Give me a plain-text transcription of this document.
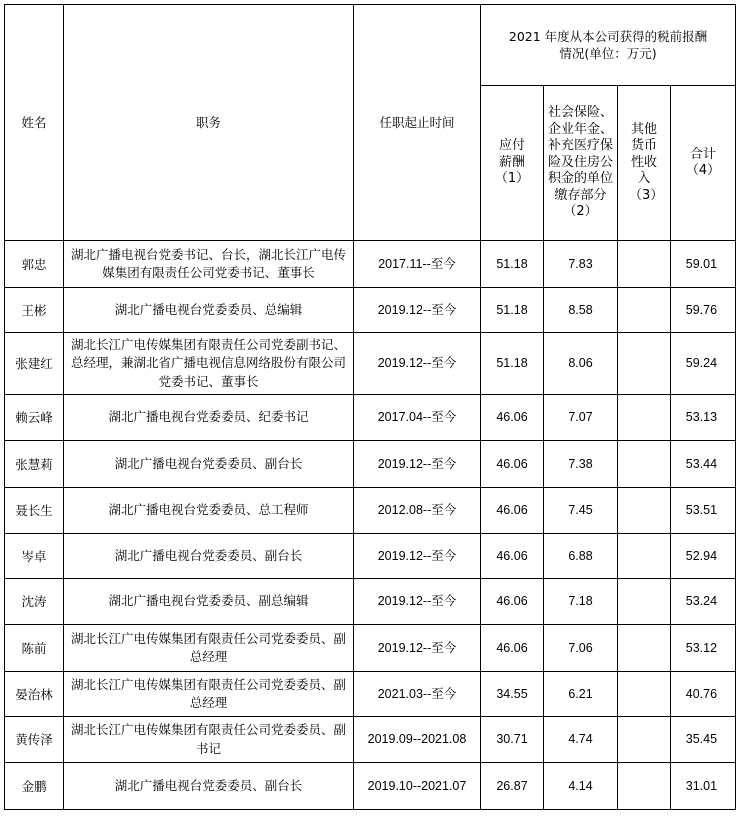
姓名	职务	任职起止时间	2021 年度从本公司获得的税前报酬情况(单位：万元)			
			应付薪酬（1）	社会保险、企业年金、补充医疗保险及住房公积金的单位缴存部分（2）	其他货币性收入（3）	合计（4）
郭忠	湖北广播电视台党委书记、台长，湖北长江广电传媒集团有限责任公司党委书记、董事长	2017.11--至今	51.18	7.83		59.01
王彬	湖北广播电视台党委委员、总编辑	2019.12--至今	51.18	8.58		59.76
张建红	湖北长江广电传媒集团有限责任公司党委副书记、总经理，兼湖北省广播电视信息网络股份有限公司党委书记、董事长	2019.12--至今	51.18	8.06		59.24
赖云峰	湖北广播电视台党委委员、纪委书记	2017.04--至今	46.06	7.07		53.13
张慧莉	湖北广播电视台党委委员、副台长	2019.12--至今	46.06	7.38		53.44
聂长生	湖北广播电视台党委委员、总工程师	2012.08--至今	46.06	7.45		53.51
岑卓	湖北广播电视台党委委员、副台长	2019.12--至今	46.06	6.88		52.94
沈涛	湖北广播电视台党委委员、副总编辑	2019.12--至今	46.06	7.18		53.24
陈前	湖北长江广电传媒集团有限责任公司党委委员、副总经理	2019.12--至今	46.06	7.06		53.12
晏治林	湖北长江广电传媒集团有限责任公司党委委员、副总经理	2021.03--至今	34.55	6.21		40.76
黄传泽	湖北长江广电传媒集团有限责任公司党委委员、副书记	2019.09--2021.08	30.71	4.74		35.45
金鹏	湖北广播电视台党委委员、副台长	2019.10--2021.07	26.87	4.14		31.01
